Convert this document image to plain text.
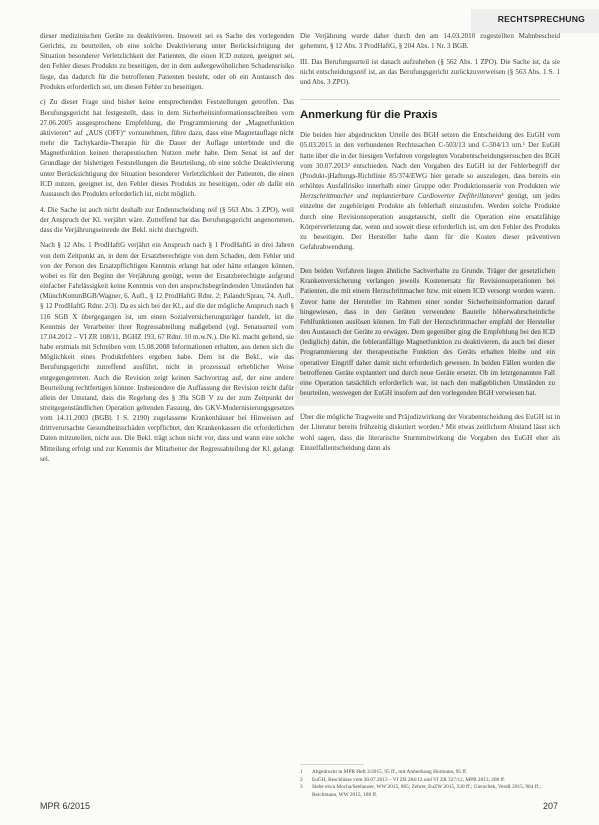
RECHTSPRECHUNG

dieser medizinischen Geräte zu deaktivieren. Insoweit sei es Sache des vorlegenden Gerichts, zu beurteilen, ob eine solche Deaktivierung unter Berücksichtigung der Situation besonderer Verletzlichkeit der Patienten, die einen ICD nutzen, geeignet sei, den Fehler dieses Produkts zu beseitigen, der in dem außergewöhnlichen Schadensrisiko liege, das dadurch für die betroffenen Patienten besteht, oder ob ein Austausch des Produkts erforderlich sei, um diesen Fehler zu beseitigen.

c) Zu dieser Frage sind bisher keine entsprechenden Feststellungen getroffen. Das Berufungsgericht hat festgestellt, dass in dem Sicherheitsinformationsschreiben vom 27.06.2005 ausgesprochene Empfehlung, die Programmierung der „Magnetfunktion aktivieren“ auf „AUS (OFF)“ vorzunehmen, führe dazu, dass eine Magnetauflage nicht mehr die Tachykardie-Therapie für die Dauer der Auflage unterbinde und die Magnetfunktion keinen therapeutischen Nutzen mehr habe. Dem Senat ist auf der Grundlage der bisherigen Feststellungen die Beurteilung, ob eine solche Deaktivierung unter Berücksichtigung der Situation besonderer Verletzlichkeit der Patienten, die einen ICD nutzen, geeignet ist, den Fehler dieses Produkts zu beseitigen, oder ob dafür ein Austausch des Produkts erforderlich ist, nicht möglich.

4. Die Sache ist auch nicht deshalb zur Endentscheidung reif (§ 563 Abs. 3 ZPO), weil der Anspruch der Kl. verjährt wäre. Zutreffend hat das Berufungsgericht angenommen, dass die Verjährungseinrede der Bekl. nicht durchgreift.

Nach § 12 Abs. 1 ProdHaftG verjährt ein Anspruch nach § 1 ProdHaftG in drei Jahren von dem Zeitpunkt an, in dem der Ersatzberechtigte von dem Schaden, dem Fehler und von der Person des Ersatzpflichtigen Kenntnis erlangt hat oder hätte erlangen können, wobei es für den Beginn der Verjährung genügt, wenn der Ersatzberechtigte aufgrund einfacher Fahrlässigkeit keine Kenntnis von den anspruchsbegründenden Umständen hat (MünchKommBGB/Wagner, 6. Aufl., § 12 ProdHaftG Rdnr. 2; Palandt/Sprau, 74. Aufl., § 12 ProdHaftG Rdnr. 2/3). Da es sich bei der Kl., auf die der mögliche Anspruch nach § 116 SGB X übergegangen ist, um einen Sozialversicherungsträger handelt, ist die Kenntnis der Verarbeiter ihrer Regressabteilung maßgebend (vgl. Senatsurteil vom 17.04.2012 – VI ZR 108/11, BGHZ 193, 67 Rdnr. 10 m.w.N.). Die Kl. macht geltend, sie habe erstmals mit Schreiben vom 15.08.2008 Informationen erhalten, aus denen sich die Möglichkeit eines Produktfehlers ergeben habe. Dem ist die Bekl., wie das Berufungsgericht zutreffend ausführt, nicht in prozessual erheblicher Weise entgegengetreten. Auch die Revision zeigt keinen Sachvortrag auf, der eine andere Beurteilung rechtfertigen könnte. Insbesondere die Auffassung der Revision reicht dafür allein der Umstand, dass die Regelung des § 39a SGB V zu der zum Zeitpunkt der streitgegenständlichen Operation geltenden Fassung, des GKV-Modernisierungsgesetzes vom 14.11.2003 (BGBl. I S. 2190) zugelassene Krankenhäuser bei Hinweisen auf drittverursachte Gesundheitsschäden verpflichtet, den Krankenkassen die erforderlichen Daten mitzuteilen, nicht aus. Die Bekl. trägt schon nicht vor, dass und wann eine solche Mitteilung erfolgt und zur Kenntnis der Mitarbeiter der Regressabteilung der Kl. gelangt sei.

Die Verjährung wurde daher durch den am 14.03.2010 zugestellten Mahnbescheid gehemmt, § 12 Abs. 3 ProdHaftG, § 204 Abs. 1 Nr. 3 BGB.

III. Das Berufungsurteil ist danach aufzuheben (§ 562 Abs. 1 ZPO). Die Sache ist, da sie nicht entscheidungsreif ist, an das Berufungsgericht zurückzuverweisen (§ 563 Abs. 1 S. 1 und Abs. 3 ZPO).

Anmerkung für die Praxis

Die beiden hier abgedruckten Urteile des BGH setzen die Entscheidung des EuGH vom 05.03.2015 in den verbundenen Rechtssachen C-503/13 und C-504/13 um.¹ Der EuGH hatte über die in der hiesigen Verfahren vorgelegten Vorabentscheidungsersuchen des BGH vom 30.07.2013² entschieden. Nach den Vorgaben des EuGH ist der Fehlerbegriff der (Produkt-)Haftungs-Richtlinie 85/374/EWG hier gerade so auszulegen, dass bereits ein erhöhtes Ausfallrisiko innerhalb einer Gruppe oder Produktionsserie von Produkten wie Herzschrittmacher und implantierbare Cardioverter Defibrillatoren³ genügt, um jedes einzelne der zugehörigen Produkte als fehlerhaft einzustufen. Werden solche Produkte durch eine Revisionsoperation ausgetauscht, stellt die Operation eine ersatzfähige Körperverletzung dar, wenn und soweit diese erforderlich ist, um den Fehler des Produkts zu beseitigen. Der Hersteller hafte dann für die Kosten dieser präventiven Gefahrabwendung.

Den beiden Verfahren liegen ähnliche Sachverhalte zu Grunde. Träger der gesetzlichen Krankenversicherung verlangen jeweils Kostenersatz für Revisionsoperationen bei Patienten, die mit einem Herzschrittmacher bzw. mit einem ICD versorgt worden waren. Zuvor hatte der Hersteller im Rahmen einer sonder Sicherheitsinformation darauf hingewiesen, dass in den Geräten verwendete Bauteile höherwahrscheinliche Fehlfunktionen auslösen können. Im Fall der Herzschrittmacher empfahl der Hersteller den Austausch der Geräte zu erwägen. Dem gegenüber ging die Empfehlung bei den ICD (lediglich) dahin, die fehleranfällige Magnetfunktion zu deaktivieren, da auch bei dieser Programmierung der therapeutische Funktion des Geräts erhalten bleibe und ein operativer Eingriff daher damit nicht erforderlich gewesen. In beiden Fällen wurden die betroffenen Geräte explantiert und durch neue Geräte ersetzt. Ob im letztgenannten Fall eine Operation tatsächlich erforderlich war, ist nach den maßgeblichen Umständen zu beurteilen, weswegen der EuGH insofern auf den vorlegenden BGH verwiesen hat.

Über die mögliche Tragweite und Präjudizwirkung der Vorabentscheidung des EuGH ist in der Literatur bereits frühzeitig diskutiert worden.⁴ Mit etwas zeitlichem Abstand lässt sich wohl sagen, dass die literarische Sturmmitwirkung die Vorgaben des EuGH eher als Einzelfallentscheidung dann als

1	Abgedruckt in MPR Heft 3/2015, 95 ff., mit Anmerkung Hormann, 95 ff.
2	EuGH, Beschlüsse vom 30.07.2013 – VI ZR 284/13 und VI ZR 327/12, MPR 2013, 208 ff.
3	Siehe etwa Mocha/Seehauser, WW 2015, 865; Zehrer, EuZW 2015, 330 ff.; Gierachek, VersR 2015, 964 ff.; Reichmann, WW 2015, 108 ff.
MPR 6/2015	207
